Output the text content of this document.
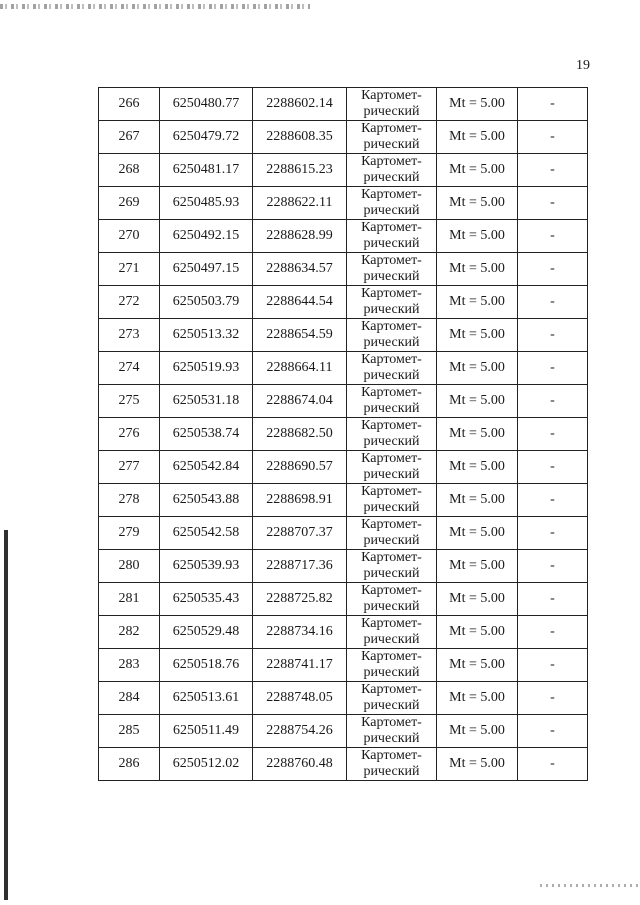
19
266	6250480.77	2288602.14	Картомет-
рический	Mt = 5.00	-
267	6250479.72	2288608.35	Картомет-
рический	Mt = 5.00	-
268	6250481.17	2288615.23	Картомет-
рический	Mt = 5.00	-
269	6250485.93	2288622.11	Картомет-
рический	Mt = 5.00	-
270	6250492.15	2288628.99	Картомет-
рический	Mt = 5.00	-
271	6250497.15	2288634.57	Картомет-
рический	Mt = 5.00	-
272	6250503.79	2288644.54	Картомет-
рический	Mt = 5.00	-
273	6250513.32	2288654.59	Картомет-
рический	Mt = 5.00	-
274	6250519.93	2288664.11	Картомет-
рический	Mt = 5.00	-
275	6250531.18	2288674.04	Картомет-
рический	Mt = 5.00	-
276	6250538.74	2288682.50	Картомет-
рический	Mt = 5.00	-
277	6250542.84	2288690.57	Картомет-
рический	Mt = 5.00	-
278	6250543.88	2288698.91	Картомет-
рический	Mt = 5.00	-
279	6250542.58	2288707.37	Картомет-
рический	Mt = 5.00	-
280	6250539.93	2288717.36	Картомет-
рический	Mt = 5.00	-
281	6250535.43	2288725.82	Картомет-
рический	Mt = 5.00	-
282	6250529.48	2288734.16	Картомет-
рический	Mt = 5.00	-
283	6250518.76	2288741.17	Картомет-
рический	Mt = 5.00	-
284	6250513.61	2288748.05	Картомет-
рический	Mt = 5.00	-
285	6250511.49	2288754.26	Картомет-
рический	Mt = 5.00	-
286	6250512.02	2288760.48	Картомет-
рический	Mt = 5.00	-
